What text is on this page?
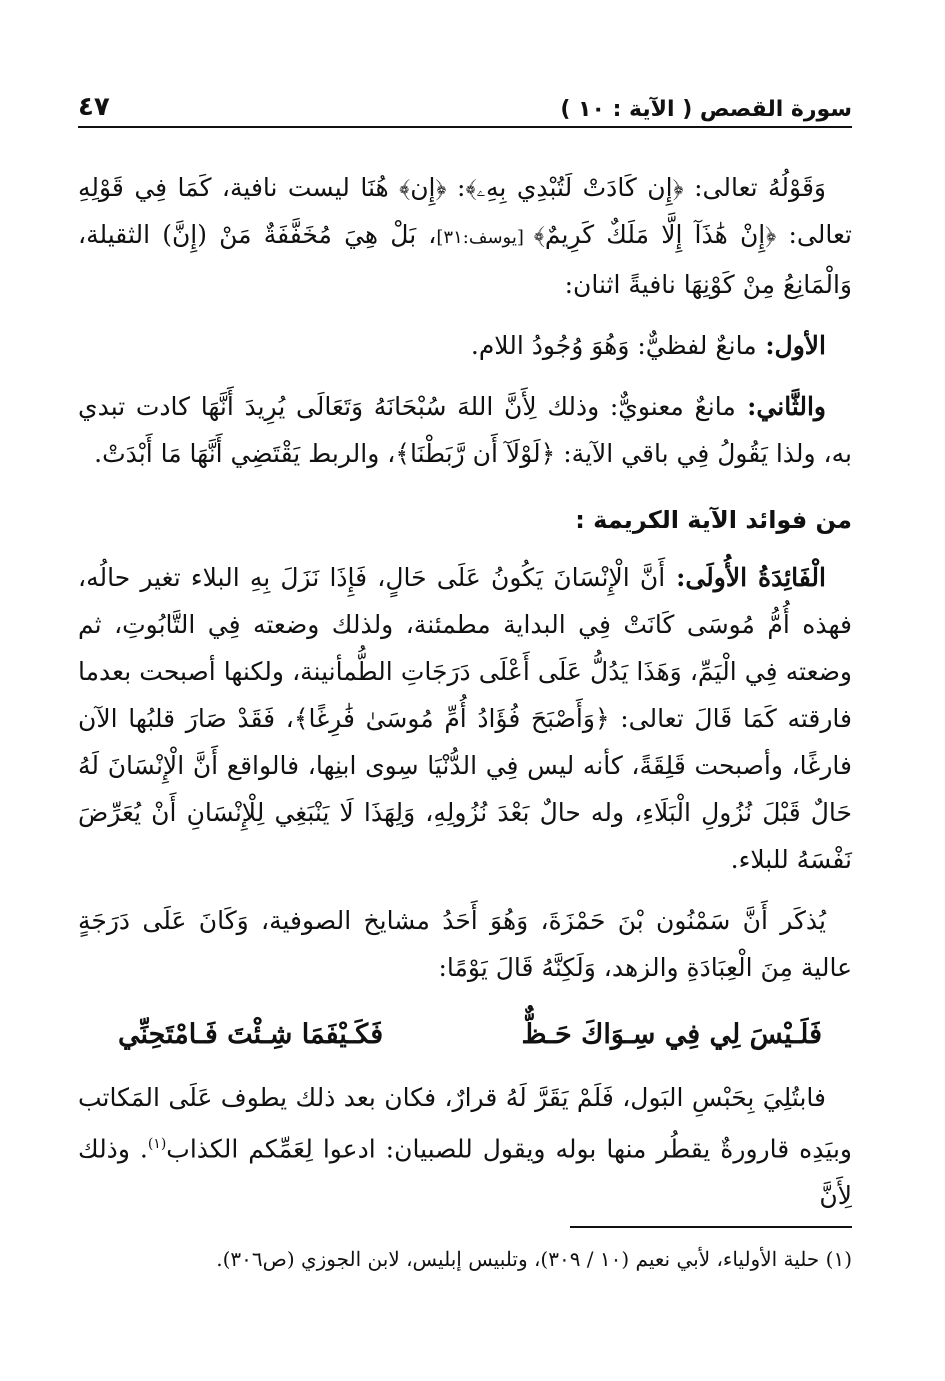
سورة القصص ( الآية : ١٠ )
٤٧

وَقَوْلُهُ تعالى: ﴿إِن كَادَتْ لَتُبْدِي بِهِۦ﴾: ﴿إِن﴾ هُنَا ليست نافية، كَمَا فِي قَوْلِهِ تعالى: ﴿إِنْ هَٰذَآ إِلَّا مَلَكٌ كَرِيمٌ﴾ [يوسف:٣١]، بَلْ هِيَ مُخَفَّفَةٌ مَنْ (إِنَّ) الثقيلة، وَالْمَانِعُ مِنْ كَوْنِهَا نافيةً اثنان:

الأول: مانعٌ لفظيٌّ: وَهُوَ وُجُودُ اللام.

والثَّاني: مانعٌ معنويٌّ: وذلك لِأَنَّ اللهَ سُبْحَانَهُ وَتَعَالَى يُرِيدَ أَنَّهَا كادت تبدي به، ولذا يَقُولُ فِي باقي الآية: ﴿لَوْلَآ أَن رَّبَطْنَا﴾، والربط يَقْتَضِي أَنَّهَا مَا أَبْدَتْ.

من فوائد الآية الكريمة :

الْفَائِدَةُ الأُولَى: أَنَّ الْإِنْسَانَ يَكُونُ عَلَى حَالٍ، فَإِذَا نَزَلَ بِهِ البلاء تغير حالُه، فهذه أُمُّ مُوسَى كَانَتْ فِي البداية مطمئنة، ولذلك وضعته فِي التَّابُوتِ، ثم وضعته فِي الْيَمِّ، وَهَذَا يَدُلُّ عَلَى أَعْلَى دَرَجَاتِ الطُّمأنينة، ولكنها أصبحت بعدما فارقته كَمَا قَالَ تعالى: ﴿وَأَصْبَحَ فُؤَادُ أُمِّ مُوسَىٰ فَٰرِغًا﴾، فَقَدْ صَارَ قلبُها الآن فارغًا، وأصبحت قَلِقَةً، كأنه ليس فِي الدُّنْيَا سِوى ابنِها، فالواقع أَنَّ الْإِنْسَانَ لَهُ حَالٌ قَبْلَ نُزُولِ الْبَلَاءِ، وله حالٌ بَعْدَ نُزُولِهِ، وَلِهَذَا لَا يَنْبَغِي لِلْإِنْسَانِ أَنْ يُعَرِّضَ نَفْسَهُ للبلاء.

يُذكَر أَنَّ سَمْنُون بْنَ حَمْزَةَ، وَهُوَ أَحَدُ مشايخ الصوفية، وَكَانَ عَلَى دَرَجَةٍ عالية مِنَ الْعِبَادَةِ والزهد، وَلَكِنَّهُ قَالَ يَوْمًا:

فَلَـيْسَ لِي فِي سِـوَاكَ حَـظٌّ
فَكَـيْفَمَا شِـئْتَ فَـامْتَحِنِّي

فابتُلِيَ بِحَبْسِ البَول، فَلَمْ يَقَرَّ لَهُ قرارٌ، فكان بعد ذلك يطوف عَلَى المَكاتب وبيَدِه قارورةٌ يقطُر منها بوله ويقول للصبيان: ادعوا لِعَمِّكم الكذاب$^{(١)}$. وذلك لِأَنَّ

(١) حلية الأولياء، لأبي نعيم (١٠ / ٣٠٩)، وتلبيس إبليس، لابن الجوزي (ص٣٠٦).
